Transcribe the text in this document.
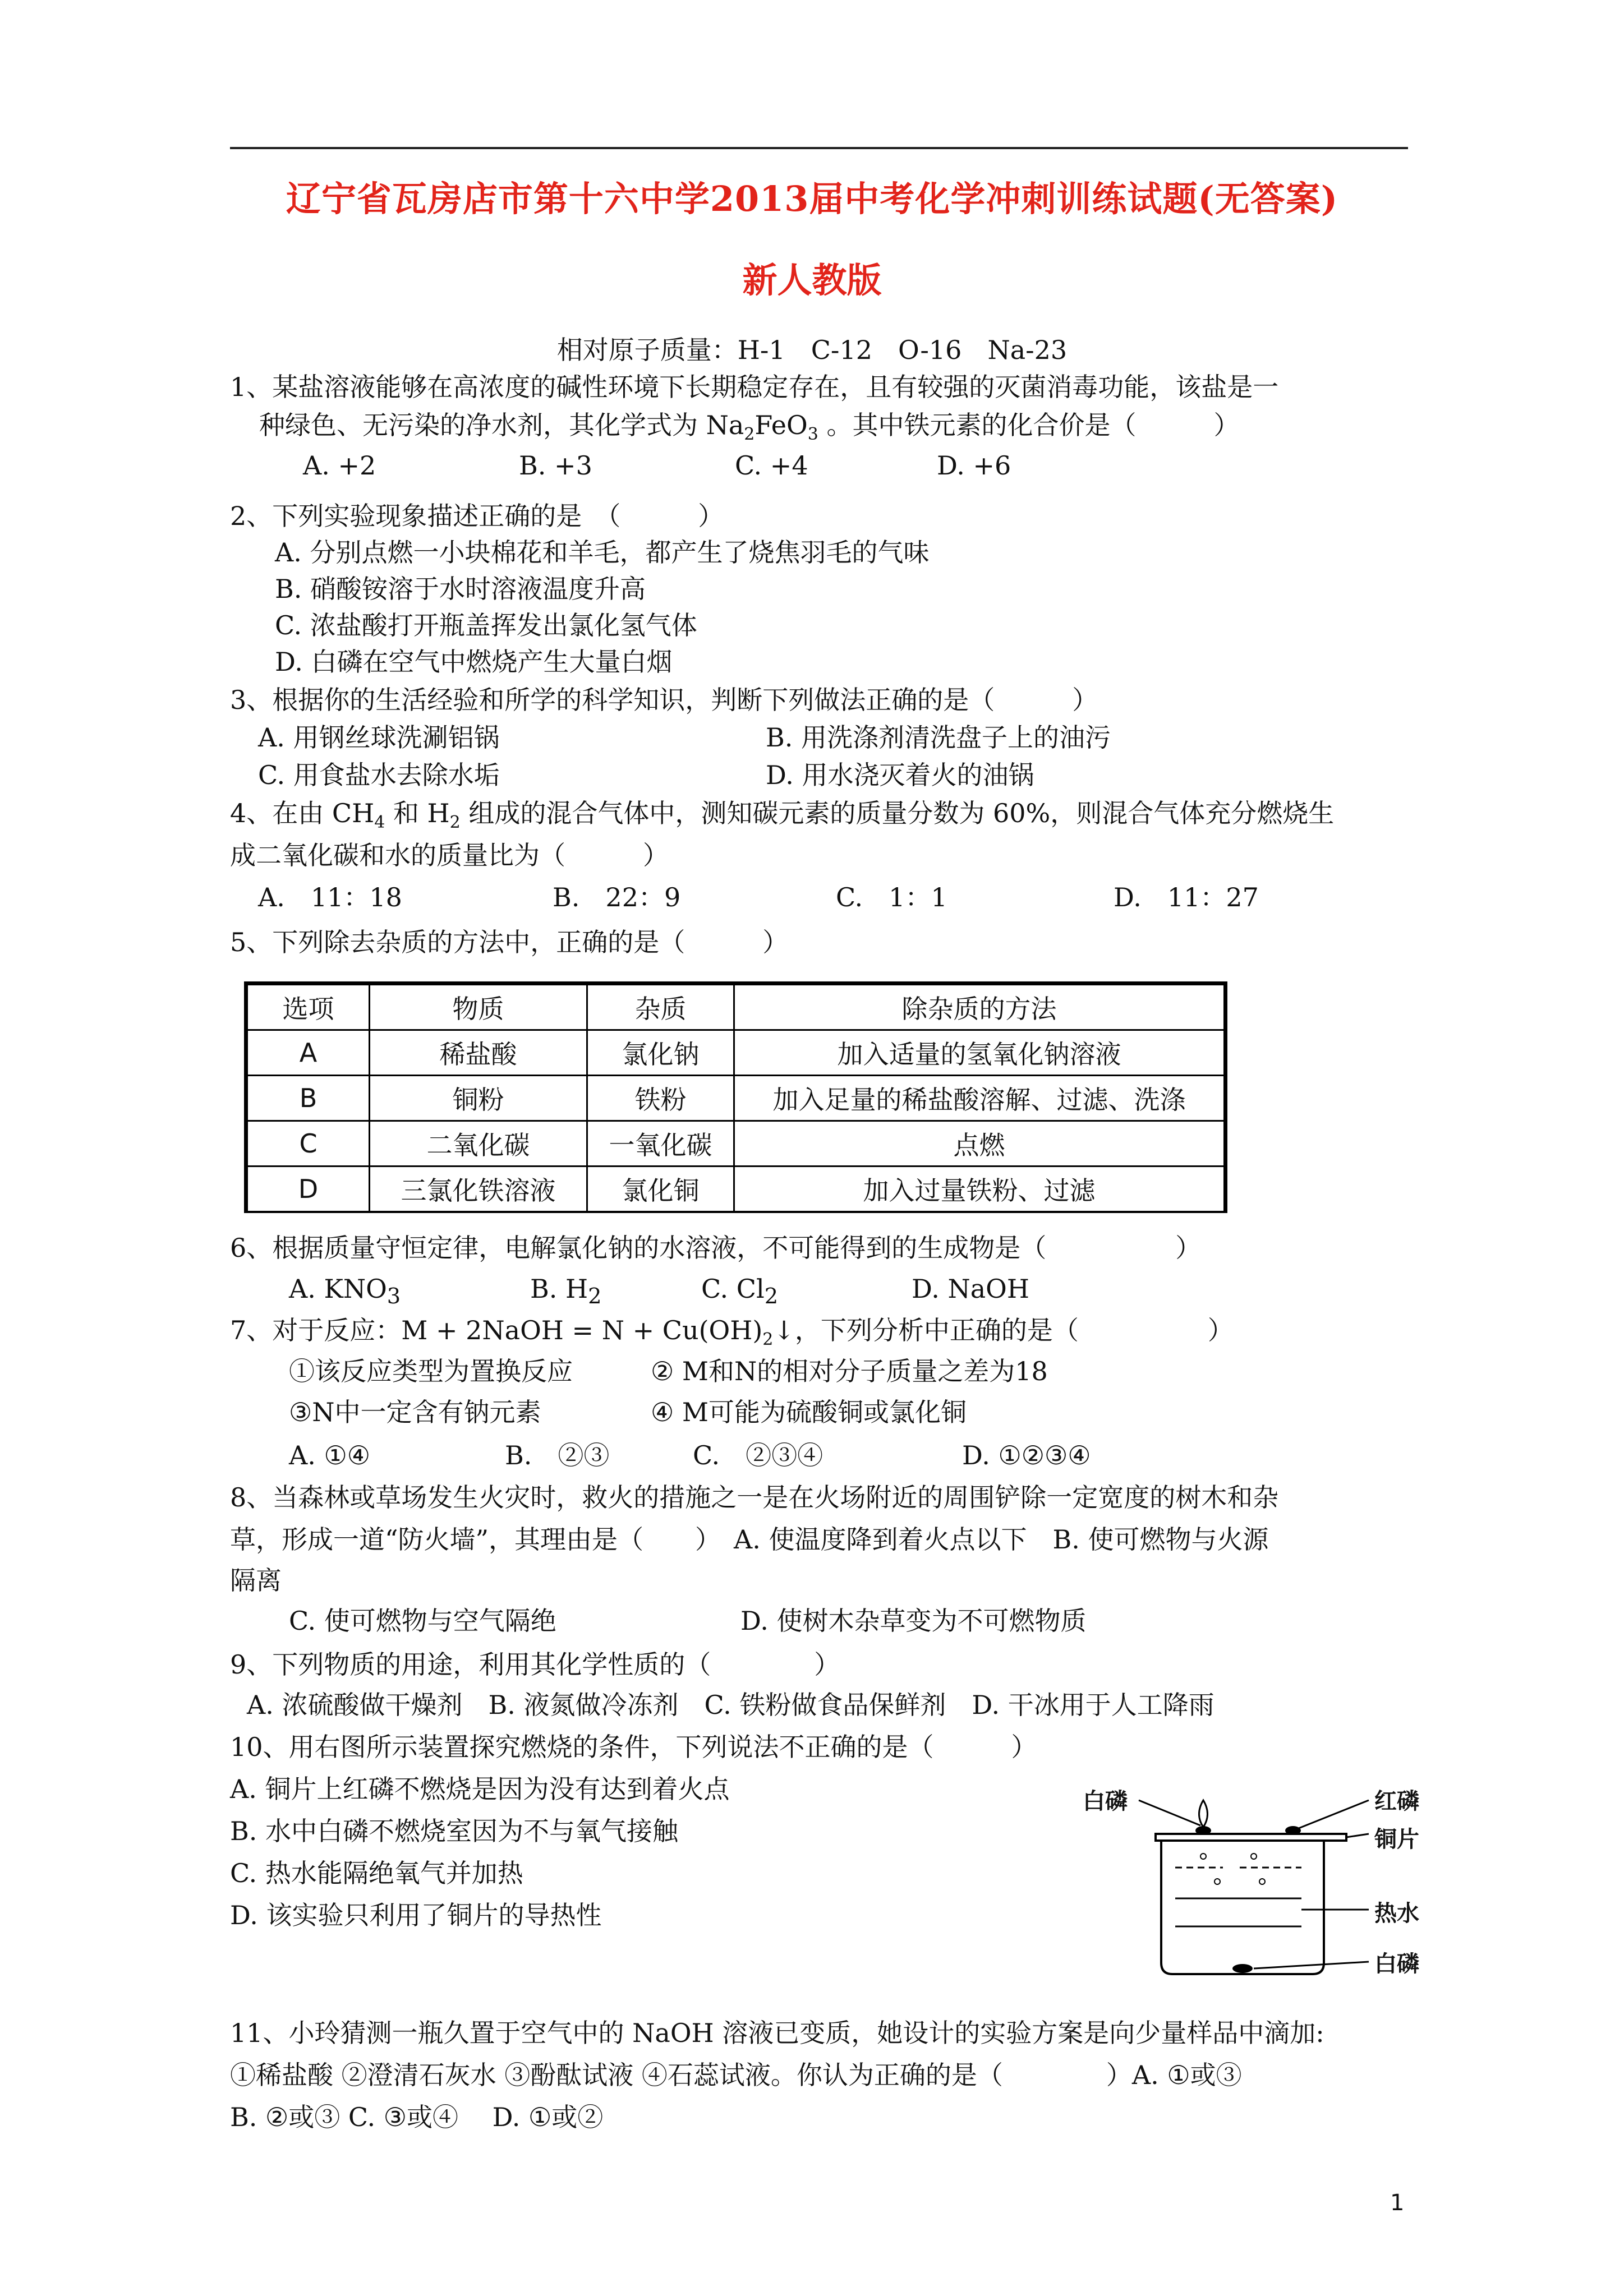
辽宁省瓦房店市第十六中学2013届中考化学冲刺训练试题(无答案)
新人教版
相对原子质量：H-1　C-12　O-16　Na-23
1、某盐溶液能够在高浓度的碱性环境下长期稳定存在，且有较强的灭菌消毒功能，该盐是一
种绿色、无污染的净水剂，其化学式为 $Na_2FeO_3$ 。其中铁元素的化合价是（　　　）
A. +2	B. +3	C. +4	D. +6
2、下列实验现象描述正确的是　（　　　）
A. 分别点燃一小块棉花和羊毛，都产生了烧焦羽毛的气味
B. 硝酸铵溶于水时溶液温度升高
C. 浓盐酸打开瓶盖挥发出氯化氢气体
D. 白磷在空气中燃烧产生大量白烟
3、根据你的生活经验和所学的科学知识，判断下列做法正确的是（　　　）
A. 用钢丝球洗涮铝锅	B. 用洗涤剂清洗盘子上的油污
C. 用食盐水去除水垢	D. 用水浇灭着火的油锅
4、在由 $CH_4$ 和 $H_2$ 组成的混合气体中，测知碳元素的质量分数为 60%，则混合气体充分燃烧生
成二氧化碳和水的质量比为（　　　）
A.　11：18	B.　22：9	C.　1：1	D.　11：27
5、下列除去杂质的方法中，正确的是（　　　）
选项	物质	杂质	除杂质的方法
A	稀盐酸	氯化钠	加入适量的氢氧化钠溶液
B	铜粉	铁粉	加入足量的稀盐酸溶解、过滤、洗涤
C	二氧化碳	一氧化碳	点燃
D	三氯化铁溶液	氯化铜	加入过量铁粉、过滤
6、根据质量守恒定律，电解氯化钠的水溶液，不可能得到的生成物是（　　　　　）
A. $KNO_3$	B. $H_2$	C. $Cl_2$	D. NaOH
7、对于反应：M + 2NaOH = $N + Cu(OH)_2↓$，下列分析中正确的是（　　　　　）
①该反应类型为置换反应	② M和N的相对分子质量之差为18
③N中一定含有钠元素	④ M可能为硫酸铜或氯化铜
A. ①④	B.　②③	C.　②③④	D. ①②③④
8、当森林或草场发生火灾时，救火的措施之一是在火场附近的周围铲除一定宽度的树木和杂
草，形成一道“防火墙”，其理由是（　　）　A. 使温度降到着火点以下　B. 使可燃物与火源
隔离
C. 使可燃物与空气隔绝	D. 使树木杂草变为不可燃物质
9、下列物质的用途，利用其化学性质的（　　　　）
A. 浓硫酸做干燥剂　B. 液氮做冷冻剂　C. 铁粉做食品保鲜剂　D. 干冰用于人工降雨
10、用右图所示装置探究燃烧的条件，下列说法不正确的是（　　　）
A. 铜片上红磷不燃烧是因为没有达到着火点
B. 水中白磷不燃烧室因为不与氧气接触
C. 热水能隔绝氧气并加热
D. 该实验只利用了铜片的导热性
白磷	红磷
铜片
热水
白磷
11、小玲猜测一瓶久置于空气中的 NaOH 溶液已变质，她设计的实验方案是向少量样品中滴加:
①稀盐酸 ②澄清石灰水 ③酚酞试液 ④石蕊试液。你认为正确的是（　　　　）A. ①或③
B. ②或③ C. ③或④　 D. ①或②
1
